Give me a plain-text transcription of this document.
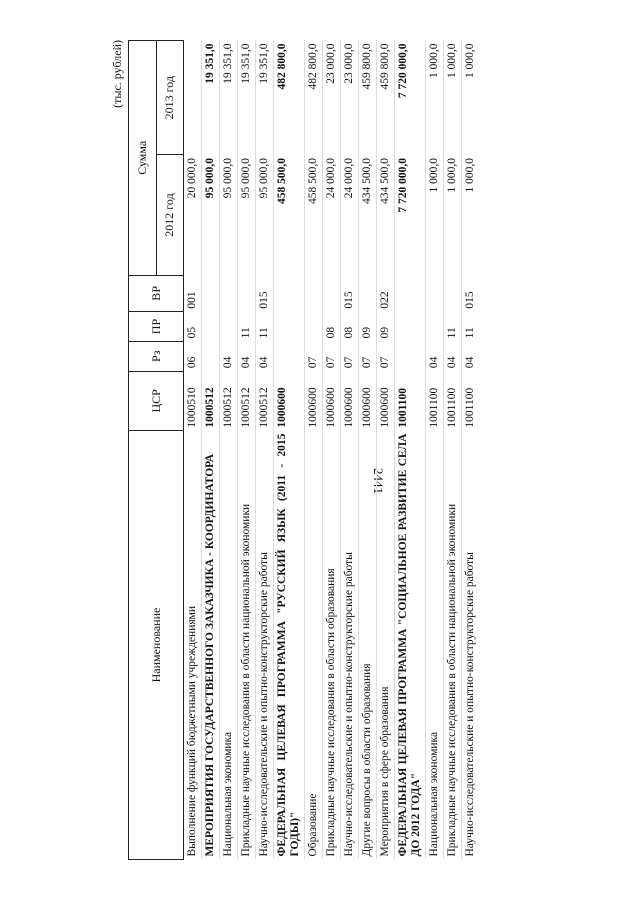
2441
(тыс. рублей)
Наименование	ЦСР	Рз	ПР	ВР	Сумма	
					2012 год	2013 год
Выполнение функций бюджетными учреждениями	1000510	06	05	001	20 000,0	
МЕРОПРИЯТИЯ ГОСУДАРСТВЕННОГО ЗАКАЗЧИКА - КООРДИНАТОРА	1000512				95 000,0	19 351,0
Национальная экономика	1000512	04			95 000,0	19 351,0
Прикладные научные исследования в области национальной экономики	1000512	04	11		95 000,0	19 351,0
Научно-исследовательские и опытно-конструкторские работы	1000512	04	11	015	95 000,0	19 351,0
ФЕДЕРАЛЬНАЯ ЦЕЛЕВАЯ ПРОГРАММА "РУССКИЙ ЯЗЫК (2011 - 2015 ГОДЫ)"	1000600				458 500,0	482 800,0
Образование	1000600	07			458 500,0	482 800,0
Прикладные научные исследования в области образования	1000600	07	08		24 000,0	23 000,0
Научно-исследовательские и опытно-конструкторские работы	1000600	07	08	015	24 000,0	23 000,0
Другие вопросы в области образования	1000600	07	09		434 500,0	459 800,0
Мероприятия в сфере образования	1000600	07	09	022	434 500,0	459 800,0
ФЕДЕРАЛЬНАЯ ЦЕЛЕВАЯ ПРОГРАММА "СОЦИАЛЬНОЕ РАЗВИТИЕ СЕЛА ДО 2012 ГОДА"	1001100				7 720 000,0	7 720 000,0
Национальная экономика	1001100	04			1 000,0	1 000,0
Прикладные научные исследования в области национальной экономики	1001100	04	11		1 000,0	1 000,0
Научно-исследовательские и опытно-конструкторские работы	1001100	04	11	015	1 000,0	1 000,0
